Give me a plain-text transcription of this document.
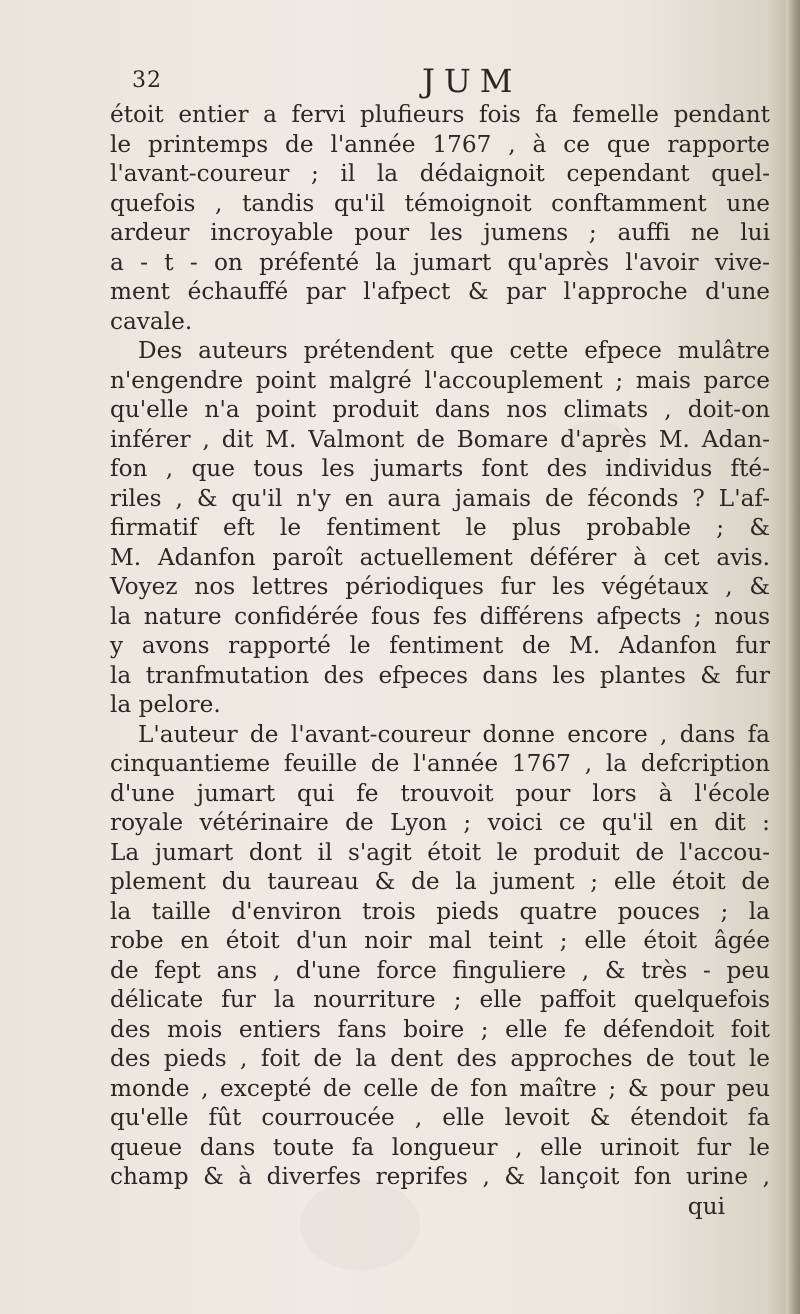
32	JUM
étoit entier a fervi plufieurs fois fa femelle pendant
le printemps de l'année 1767 , à ce que rapporte
l'avant-coureur ; il la dédaignoit cependant quel-
quefois , tandis qu'il témoignoit conftamment une
ardeur incroyable pour les jumens ; auffi ne lui
a - t - on préfenté la jumart qu'après l'avoir vive-
ment échauffé par l'afpect & par l'approche d'une
cavale.
Des auteurs prétendent que cette efpece mulâtre
n'engendre point malgré l'accouplement ; mais parce
qu'elle n'a point produit dans nos climats , doit-on
inférer , dit M. Valmont de Bomare d'après M. Adan-
fon , que tous les jumarts font des individus fté-
riles , & qu'il n'y en aura jamais de féconds ? L'af-
firmatif eft le fentiment le plus probable ; &
M. Adanfon paroît actuellement déférer à cet avis.
Voyez nos lettres périodiques fur les végétaux , &
la nature confidérée fous fes différens afpects ; nous
y avons rapporté le fentiment de M. Adanfon fur
la tranfmutation des efpeces dans les plantes & fur
la pelore.
L'auteur de l'avant-coureur donne encore , dans fa
cinquantieme feuille de l'année 1767 , la defcription
d'une jumart qui fe trouvoit pour lors à l'école
royale vétérinaire de Lyon ; voici ce qu'il en dit :
La jumart dont il s'agit étoit le produit de l'accou-
plement du taureau & de la jument ; elle étoit de
la taille d'environ trois pieds quatre pouces ; la
robe en étoit d'un noir mal teint ; elle étoit âgée
de fept ans , d'une force finguliere , & très - peu
délicate fur la nourriture ; elle paffoit quelquefois
des mois entiers fans boire ; elle fe défendoit foit
des pieds , foit de la dent des approches de tout le
monde , excepté de celle de fon maître ; & pour peu
qu'elle fût courroucée , elle levoit & étendoit fa
queue dans toute fa longueur , elle urinoit fur le
champ & à diverfes reprifes , & lançoit fon urine ,
qui
